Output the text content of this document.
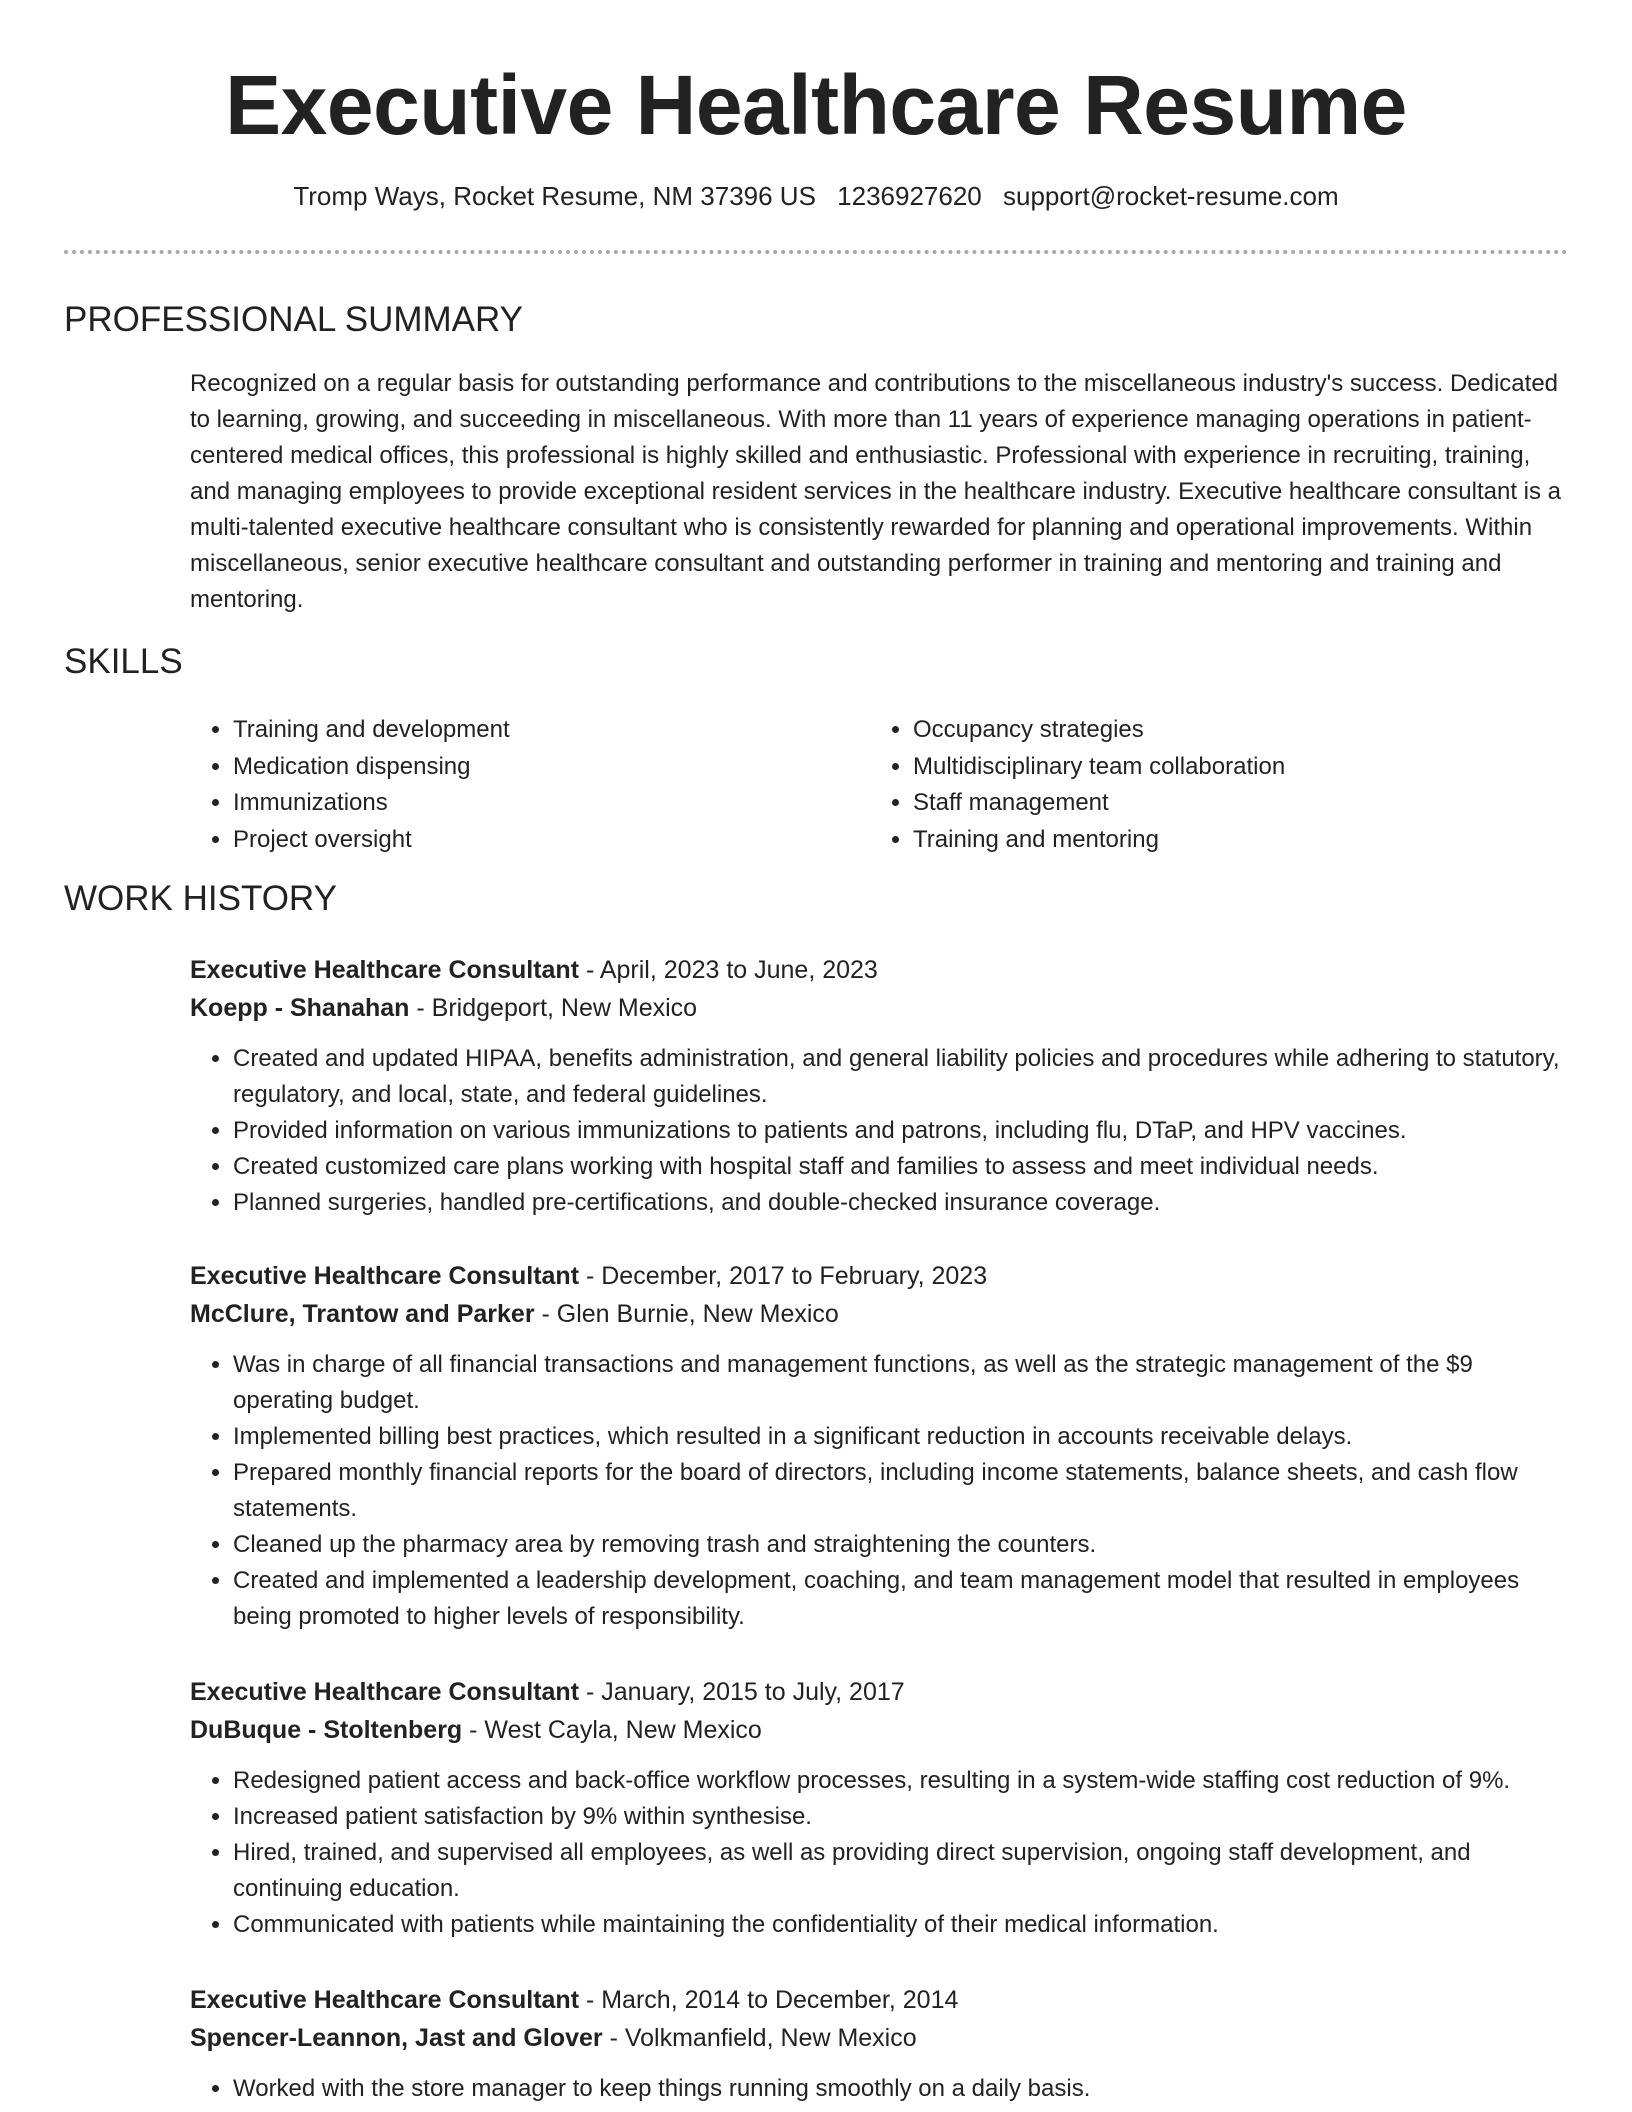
Executive Healthcare Resume
Tromp Ways, Rocket Resume, NM 37396 US 1236927620 support@rocket-resume.com
PROFESSIONAL SUMMARY

Recognized on a regular basis for outstanding performance and contributions to the miscellaneous industry's success. Dedicated to learning, growing, and succeeding in miscellaneous. With more than 11 years of experience managing operations in patient-centered medical offices, this professional is highly skilled and enthusiastic. Professional with experience in recruiting, training, and managing employees to provide exceptional resident services in the healthcare industry. Executive healthcare consultant is a multi-talented executive healthcare consultant who is consistently rewarded for planning and operational improvements. Within miscellaneous, senior executive healthcare consultant and outstanding performer in training and mentoring and training and mentoring.

SKILLS
• Training and development
• Medication dispensing
• Immunizations
• Project oversight
• Occupancy strategies
• Multidisciplinary team collaboration
• Staff management
• Training and mentoring
WORK HISTORY

Executive Healthcare Consultant - April, 2023 to June, 2023

Koepp - Shanahan - Bridgeport, New Mexico

• Created and updated HIPAA, benefits administration, and general liability policies and procedures while adhering to statutory, regulatory, and local, state, and federal guidelines.
• Provided information on various immunizations to patients and patrons, including flu, DTaP, and HPV vaccines.
• Created customized care plans working with hospital staff and families to assess and meet individual needs.
• Planned surgeries, handled pre-certifications, and double-checked insurance coverage.

Executive Healthcare Consultant - December, 2017 to February, 2023

McClure, Trantow and Parker - Glen Burnie, New Mexico

• Was in charge of all financial transactions and management functions, as well as the strategic management of the $9 operating budget.
• Implemented billing best practices, which resulted in a significant reduction in accounts receivable delays.
• Prepared monthly financial reports for the board of directors, including income statements, balance sheets, and cash flow statements.
• Cleaned up the pharmacy area by removing trash and straightening the counters.
• Created and implemented a leadership development, coaching, and team management model that resulted in employees being promoted to higher levels of responsibility.

Executive Healthcare Consultant - January, 2015 to July, 2017

DuBuque - Stoltenberg - West Cayla, New Mexico

• Redesigned patient access and back-office workflow processes, resulting in a system-wide staffing cost reduction of 9%.
• Increased patient satisfaction by 9% within synthesise.
• Hired, trained, and supervised all employees, as well as providing direct supervision, ongoing staff development, and continuing education.
• Communicated with patients while maintaining the confidentiality of their medical information.

Executive Healthcare Consultant - March, 2014 to December, 2014

Spencer-Leannon, Jast and Glover - Volkmanfield, New Mexico

• Worked with the store manager to keep things running smoothly on a daily basis.
